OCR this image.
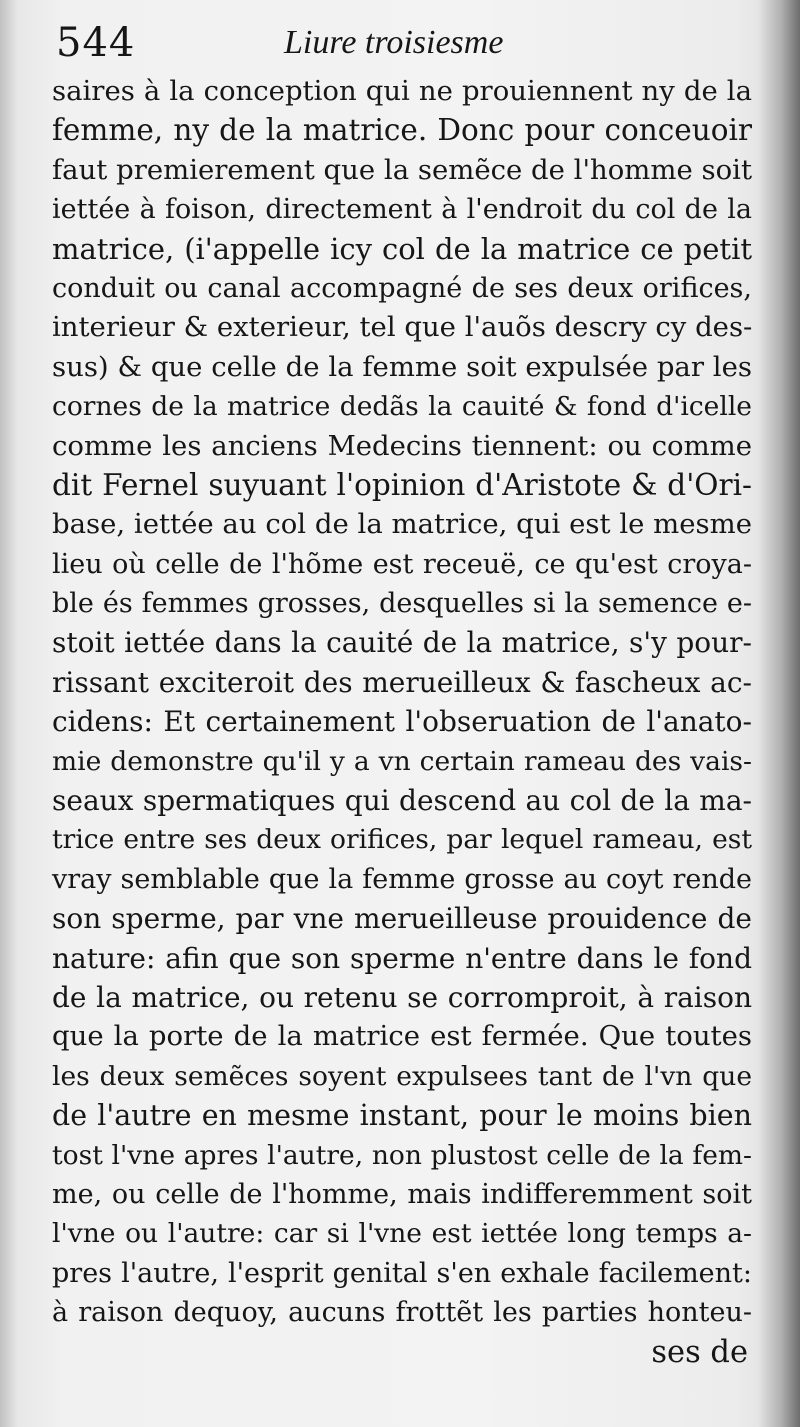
544	Liure troisiesme
saires à la conception qui ne prouiennent ny de la
femme, ny de la matrice. Donc pour conceuoir
faut premierement que la semẽce de l'homme soit
iettée à foison, directement à l'endroit du col de la
matrice, (i'appelle icy col de la matrice ce petit
conduit ou canal accompagné de ses deux orifices,
interieur & exterieur, tel que l'auõs descry cy des-
sus) & que celle de la femme soit expulsée par les
cornes de la matrice dedãs la cauité & fond d'icelle
comme les anciens Medecins tiennent: ou comme
dit Fernel suyuant l'opinion d'Aristote & d'Ori-
base, iettée au col de la matrice, qui est le mesme
lieu où celle de l'hõme est receuë, ce qu'est croya-
ble és femmes grosses, desquelles si la semence e-
stoit iettée dans la cauité de la matrice, s'y pour-
rissant exciteroit des merueilleux & fascheux ac-
cidens: Et certainement l'obseruation de l'anato-
mie demonstre qu'il y a vn certain rameau des vais-
seaux spermatiques qui descend au col de la ma-
trice entre ses deux orifices, par lequel rameau, est
vray semblable que la femme grosse au coyt rende
son sperme, par vne merueilleuse prouidence de
nature: afin que son sperme n'entre dans le fond
de la matrice, ou retenu se corromproit, à raison
que la porte de la matrice est fermée. Que toutes
les deux semẽces soyent expulsees tant de l'vn que
de l'autre en mesme instant, pour le moins bien
tost l'vne apres l'autre, non plustost celle de la fem-
me, ou celle de l'homme, mais indifferemment soit
l'vne ou l'autre: car si l'vne est iettée long temps a-
pres l'autre, l'esprit genital s'en exhale facilement:
à raison dequoy, aucuns frottẽt les parties honteu-
ses de
